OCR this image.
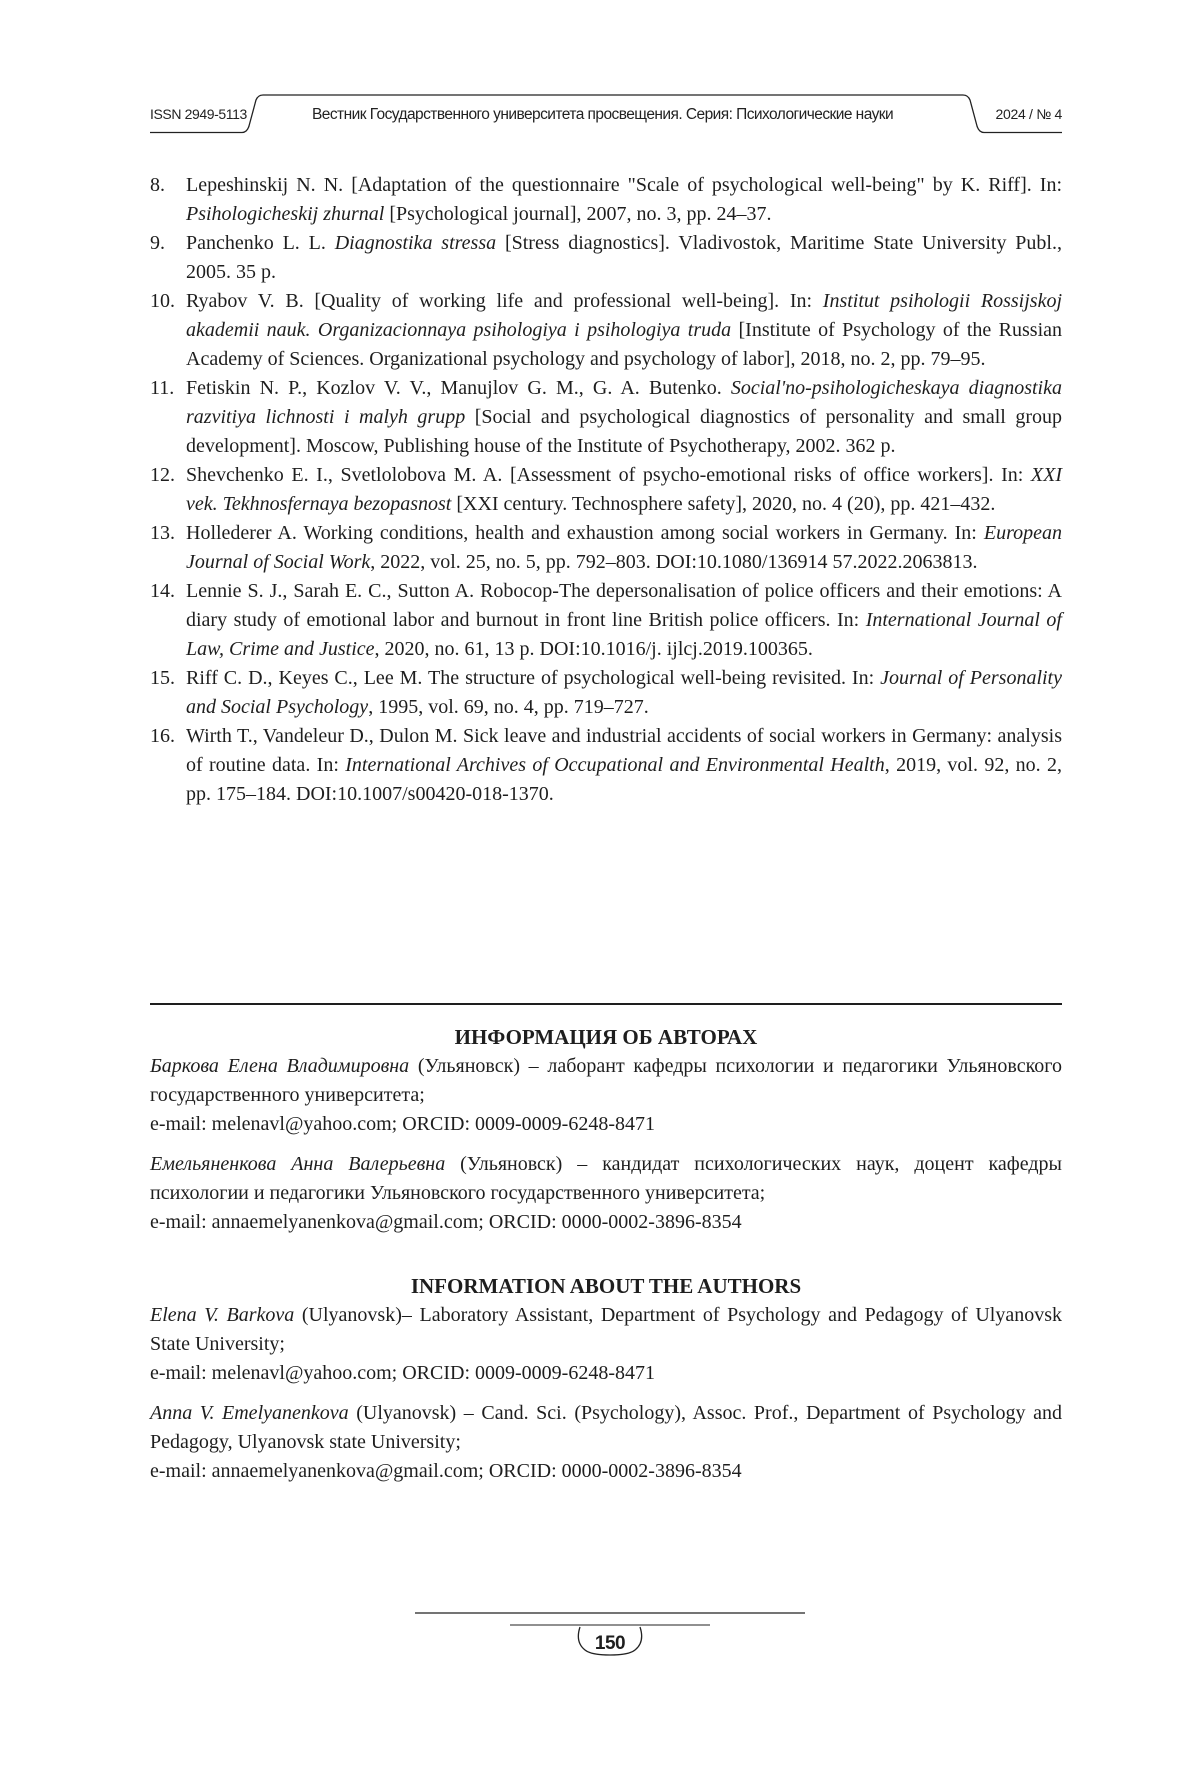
ISSN 2949-5113	Вестник Государственного университета просвещения. Серия: Психологические науки	2024 / № 4
8. Lepeshinskij N. N. [Adaptation of the questionnaire "Scale of psychological well-being" by K. Riff]. In: Psihologicheskij zhurnal [Psychological journal], 2007, no. 3, pp. 24–37.
9. Panchenko L. L. Diagnostika stressa [Stress diagnostics]. Vladivostok, Maritime State University Publ., 2005. 35 p.
10. Ryabov V. B. [Quality of working life and professional well-being]. In: Institut psihologii Rossijskoj akademii nauk. Organizacionnaya psihologiya i psihologiya truda [Institute of Psychology of the Russian Academy of Sciences. Organizational psychology and psychology of labor], 2018, no. 2, pp. 79–95.
11. Fetiskin N. P., Kozlov V. V., Manujlov G. M., G. A. Butenko. Social'no-psihologicheskaya diagnostika razvitiya lichnosti i malyh grupp [Social and psychological diagnostics of personality and small group development]. Moscow, Publishing house of the Institute of Psychotherapy, 2002. 362 p.
12. Shevchenko E. I., Svetlolobova M. A. [Assessment of psycho-emotional risks of office workers]. In: XXI vek. Tekhnosfernaya bezopasnost [XXI century. Technosphere safety], 2020, no. 4 (20), pp. 421–432.
13. Hollederer A. Working conditions, health and exhaustion among social workers in Germany. In: European Journal of Social Work, 2022, vol. 25, no. 5, pp. 792–803. DOI:10.1080/136914 57.2022.2063813.
14. Lennie S. J., Sarah E. C., Sutton A. Robocop-The depersonalisation of police officers and their emotions: A diary study of emotional labor and burnout in front line British police officers. In: International Journal of Law, Crime and Justice, 2020, no. 61, 13 p. DOI:10.1016/j. ijlcj.2019.100365.
15. Riff C. D., Keyes C., Lee M. The structure of psychological well-being revisited. In: Journal of Personality and Social Psychology, 1995, vol. 69, no. 4, pp. 719–727.
16. Wirth T., Vandeleur D., Dulon M. Sick leave and industrial accidents of social workers in Germany: analysis of routine data. In: International Archives of Occupational and Environmental Health, 2019, vol. 92, no. 2, pp. 175–184. DOI:10.1007/s00420-018-1370.
ИНФОРМАЦИЯ ОБ АВТОРАХ

Баркова Елена Владимировна (Ульяновск) – лаборант кафедры психологии и педагогики Ульяновского государственного университета;
e-mail: melenavl@yahoo.com; ORCID: 0009-0009-6248-8471

Емельяненкова Анна Валерьевна (Ульяновск) – кандидат психологических наук, доцент кафедры психологии и педагогики Ульяновского государственного университета;
e-mail: annaemelyanenkova@gmail.com; ORCID: 0000-0002-3896-8354

INFORMATION ABOUT THE AUTHORS

Elena V. Barkova (Ulyanovsk)– Laboratory Assistant, Department of Psychology and Pedagogy of Ulyanovsk State University;
e-mail: melenavl@yahoo.com; ORCID: 0009-0009-6248-8471

Anna V. Emelyanenkova (Ulyanovsk) – Cand. Sci. (Psychology), Assoc. Prof., Department of Psychology and Pedagogy, Ulyanovsk state University;
e-mail: annaemelyanenkova@gmail.com; ORCID: 0000-0002-3896-8354

150
